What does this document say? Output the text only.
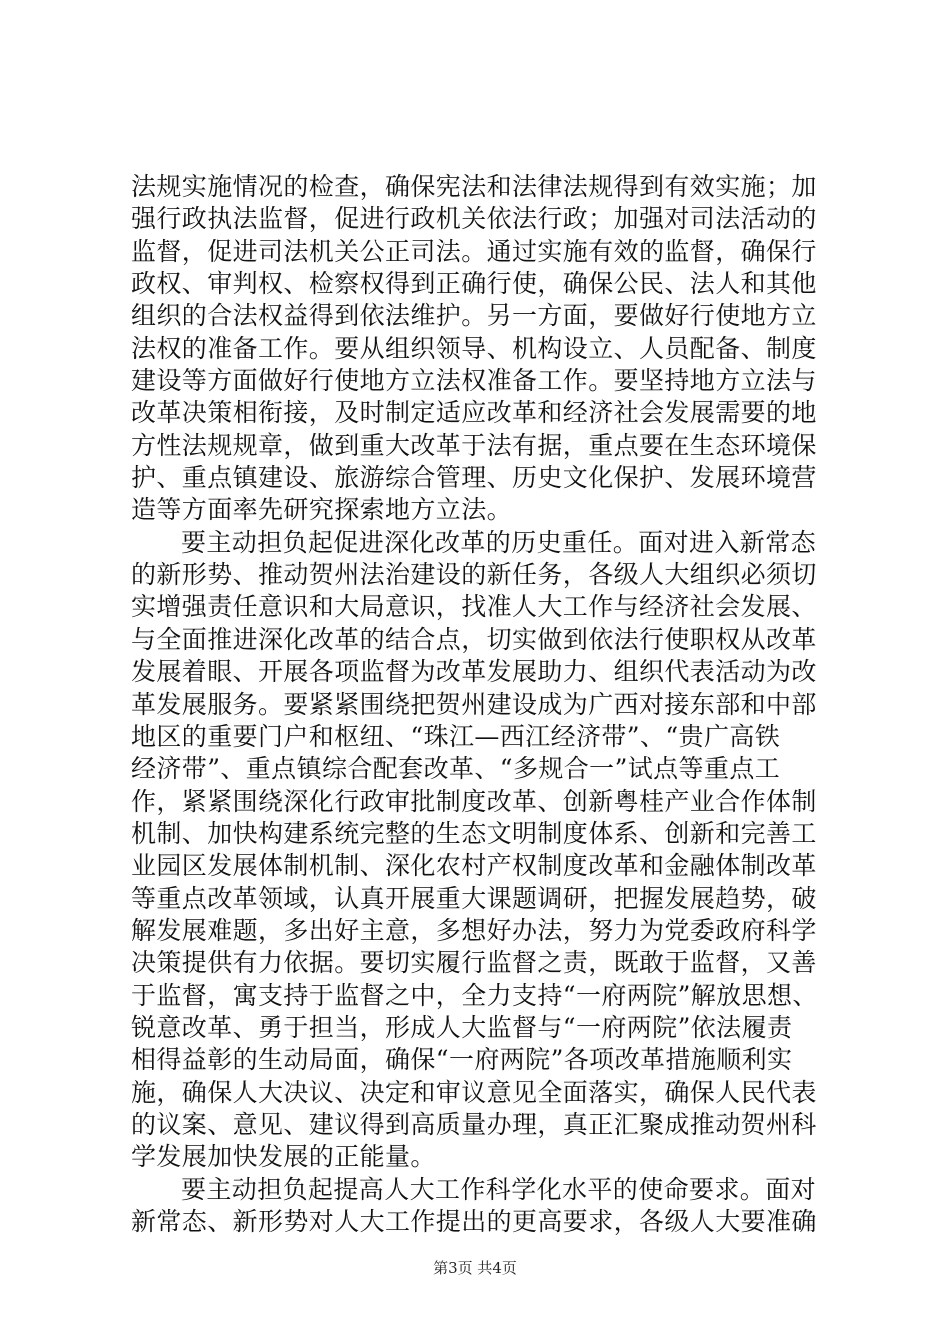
法规实施情况的检查，确保宪法和法律法规得到有效实施；加
强行政执法监督，促进行政机关依法行政；加强对司法活动的
监督，促进司法机关公正司法。通过实施有效的监督，确保行
政权、审判权、检察权得到正确行使，确保公民、法人和其他
组织的合法权益得到依法维护。另一方面，要做好行使地方立
法权的准备工作。要从组织领导、机构设立、人员配备、制度
建设等方面做好行使地方立法权准备工作。要坚持地方立法与
改革决策相衔接，及时制定适应改革和经济社会发展需要的地
方性法规规章，做到重大改革于法有据，重点要在生态环境保
护、重点镇建设、旅游综合管理、历史文化保护、发展环境营
造等方面率先研究探索地方立法。
要主动担负起促进深化改革的历史重任。面对进入新常态
的新形势、推动贺州法治建设的新任务，各级人大组织必须切
实增强责任意识和大局意识，找准人大工作与经济社会发展、
与全面推进深化改革的结合点，切实做到依法行使职权从改革
发展着眼、开展各项监督为改革发展助力、组织代表活动为改
革发展服务。要紧紧围绕把贺州建设成为广西对接东部和中部
地区的重要门户和枢纽、“珠江—西江经济带”、“贵广高铁
经济带”、重点镇综合配套改革、“多规合一”试点等重点工
作，紧紧围绕深化行政审批制度改革、创新粤桂产业合作体制
机制、加快构建系统完整的生态文明制度体系、创新和完善工
业园区发展体制机制、深化农村产权制度改革和金融体制改革
等重点改革领域，认真开展重大课题调研，把握发展趋势，破
解发展难题，多出好主意，多想好办法，努力为党委政府科学
决策提供有力依据。要切实履行监督之责，既敢于监督，又善
于监督，寓支持于监督之中，全力支持“一府两院”解放思想、
锐意改革、勇于担当，形成人大监督与“一府两院”依法履责
相得益彰的生动局面，确保“一府两院”各项改革措施顺利实
施，确保人大决议、决定和审议意见全面落实，确保人民代表
的议案、意见、建议得到高质量办理，真正汇聚成推动贺州科
学发展加快发展的正能量。
要主动担负起提高人大工作科学化水平的使命要求。面对
新常态、新形势对人大工作提出的更高要求，各级人大要准确
第3页 共4页
